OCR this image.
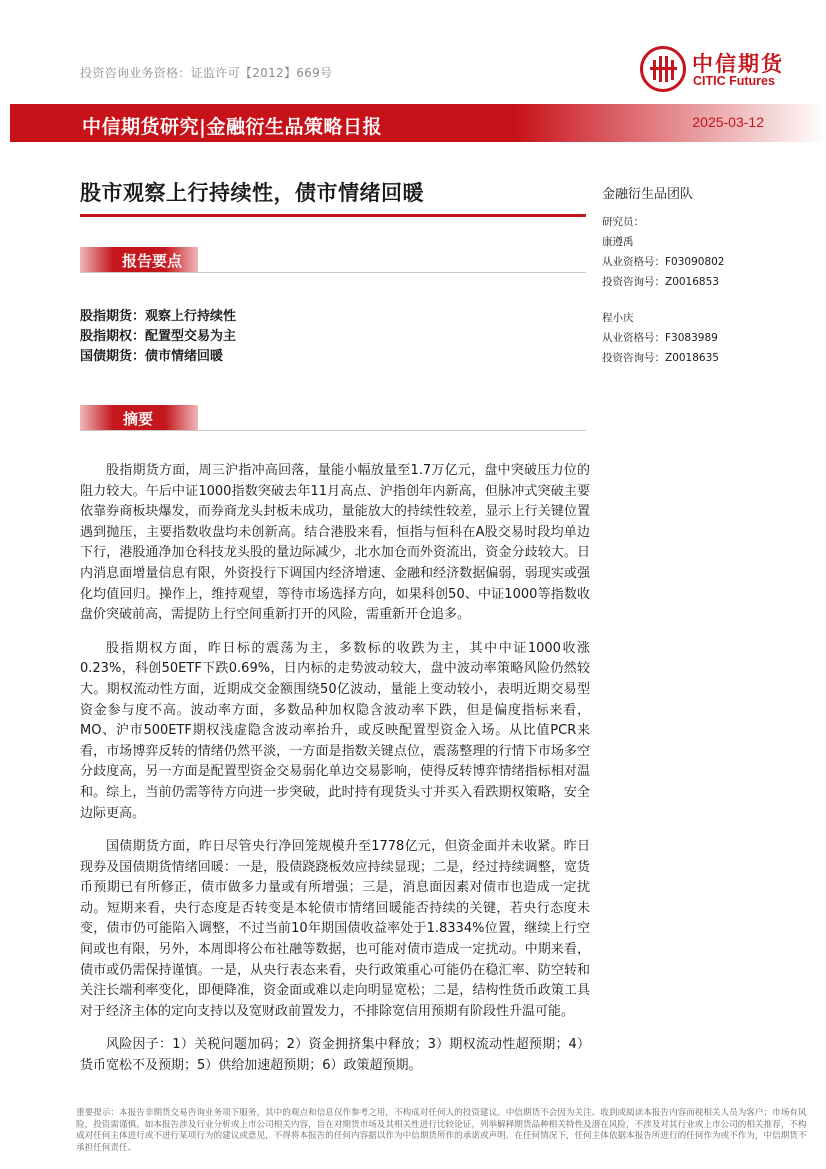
投资咨询业务资格：证监许可【2012】669号	中信期货
CITIC Futures
中信期货研究|金融衍生品策略日报	2025-03-12
股市观察上行持续性，债市情绪回暖
报告要点
股指期货：观察上行持续性
股指期权：配置型交易为主
国债期货：债市情绪回暖
摘要

股指期货方面，周三沪指冲高回落，量能小幅放量至1.7万亿元，盘中突破压力位的阻力较大。午后中证1000指数突破去年11月高点、沪指创年内新高，但脉冲式突破主要依靠券商板块爆发，而券商龙头封板未成功，量能放大的持续性较差，显示上行关键位置遇到抛压，主要指数收盘均未创新高。结合港股来看，恒指与恒科在A股交易时段均单边下行，港股通净加仓科技龙头股的量边际减少，北水加仓而外资流出，资金分歧较大。日内消息面增量信息有限，外资投行下调国内经济增速、金融和经济数据偏弱，弱现实或强化均值回归。操作上，维持观望，等待市场选择方向，如果科创50、中证1000等指数收盘价突破前高，需提防上行空间重新打开的风险，需重新开仓追多。

股指期权方面，昨日标的震荡为主，多数标的收跌为主，其中中证1000收涨0.23%，科创50ETF下跌0.69%，日内标的走势波动较大，盘中波动率策略风险仍然较大。期权流动性方面，近期成交金额围绕50亿波动，量能上变动较小，表明近期交易型资金参与度不高。波动率方面，多数品种加权隐含波动率下跌，但是偏度指标来看，MO、沪市500ETF期权浅虚隐含波动率抬升，或反映配置型资金入场。从比值PCR来看，市场博弈反转的情绪仍然平淡，一方面是指数关键点位，震荡整理的行情下市场多空分歧度高，另一方面是配置型资金交易弱化单边交易影响，使得反转博弈情绪指标相对温和。综上，当前仍需等待方向进一步突破，此时持有现货头寸并买入看跌期权策略，安全边际更高。

国债期货方面，昨日尽管央行净回笼规模升至1778亿元，但资金面并未收紧。昨日现券及国债期货情绪回暖：一是，股债跷跷板效应持续显现；二是，经过持续调整，宽货币预期已有所修正，债市做多力量或有所增强；三是，消息面因素对债市也造成一定扰动。短期来看，央行态度是否转变是本轮债市情绪回暖能否持续的关键，若央行态度未变，债市仍可能陷入调整，不过当前10年期国债收益率处于1.8334%位置，继续上行空间或也有限，另外，本周即将公布社融等数据，也可能对债市造成一定扰动。中期来看，债市或仍需保持谨慎。一是，从央行表态来看，央行政策重心可能仍在稳汇率、防空转和关注长端利率变化，即便降准，资金面或难以走向明显宽松；二是，结构性货币政策工具对于经济主体的定向支持以及宽财政前置发力，不排除宽信用预期有阶段性升温可能。

风险因子：1）关税问题加码；2）资金拥挤集中释放；3）期权流动性超预期；4）货币宽松不及预期；5）供给加速超预期；6）政策超预期。

金融衍生品团队
研究员：
康遵禹
从业资格号：F03090802
投资咨询号：Z0016853
程小庆
从业资格号：F3083989
投资咨询号：Z0018635
重要提示：本报告非期货交易咨询业务项下服务，其中的观点和信息仅作参考之用，不构成对任何人的投资建议。中信期货不会因为关注、收到或阅读本报告内容而视相关人员为客户；市场有风险，投资需谨慎。如本报告涉及行业分析或上市公司相关内容，旨在对期货市场及其相关性进行比较论证，列举解释期货品种相关特性及潜在风险，不涉及对其行业或上市公司的相关推荐，不构成对任何主体进行或不进行某项行为的建议或意见，不得将本报告的任何内容据以作为中信期货所作的承诺或声明。在任何情况下，任何主体依据本报告所进行的任何作为或不作为，中信期货不承担任何责任。
